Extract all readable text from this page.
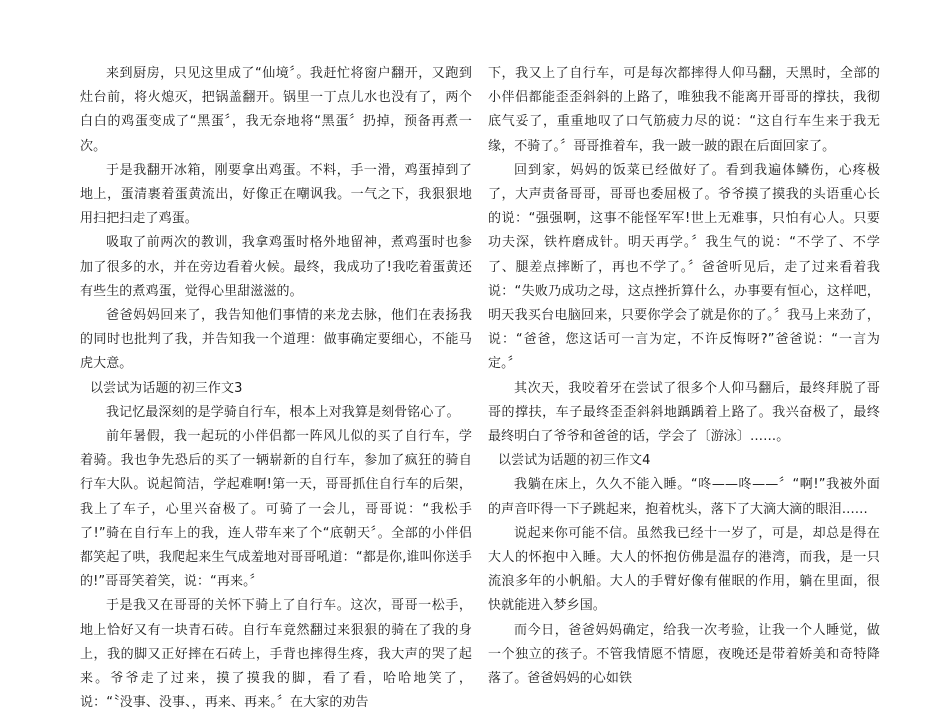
来到厨房，只见这里成了“仙境〞。我赶忙将窗户翻开，又跑到灶台前，将火熄灭，把锅盖翻开。锅里一丁点儿水也没有了，两个白白的鸡蛋变成了“黑蛋〞，我无奈地将“黑蛋〞扔掉，预备再煮一次。

于是我翻开冰箱，刚要拿出鸡蛋。不料，手一滑，鸡蛋掉到了地上，蛋清裹着蛋黄流出，好像正在嘲讽我。一气之下，我狠狠地用扫把扫走了鸡蛋。

吸取了前两次的教训，我拿鸡蛋时格外地留神，煮鸡蛋时也参加了很多的水，并在旁边看着火候。最终，我成功了!我吃着蛋黄还有些生的煮鸡蛋，觉得心里甜滋滋的。

爸爸妈妈回来了，我告知他们事情的来龙去脉，他们在表扬我的同时也批判了我，并告知我一个道理：做事确定要细心，不能马虎大意。

以尝试为话题的初三作文3

我记忆最深刻的是学骑自行车，根本上对我算是刻骨铭心了。

前年暑假，我一起玩的小伴侣都一阵风儿似的买了自行车，学着骑。我也争先恐后的买了一辆崭新的自行车，参加了疯狂的骑自行车大队。说起简洁，学起难啊!第一天，哥哥抓住自行车的后架，我上了车子，心里兴奋极了。可骑了一会儿，哥哥说：“我松手了!”骑在自行车上的我，连人带车来了个“底朝天〞。全部的小伴侣都笑起了哄，我爬起来生气成羞地对哥哥吼道：“都是你,谁叫你送手的!”哥哥笑着笑，说：“再来。〞

于是我又在哥哥的关怀下骑上了自行车。这次，哥哥一松手，地上恰好又有一块青石砖。自行车竟然翻过来狠狠的骑在了我的身上，我的脚又正好摔在石砖上，手背也摔得生疼，我大声的哭了起来。爷爷走了过来，摸了摸我的脚，看了看，哈哈地笑了，说：“〝没事、没事、，再来、再来。〞在大家的劝告

下，我又上了自行车，可是每次都摔得人仰马翻，天黑时，全部的小伴侣都能歪歪斜斜的上路了，唯独我不能离开哥哥的撑扶，我彻底气妥了，重重地叹了口气筋疲力尽的说：“这自行车生来于我无缘，不骑了。〞哥哥推着车，我一跛一跛的跟在后面回家了。

回到家，妈妈的饭菜已经做好了。看到我遍体鳞伤，心疼极了，大声责备哥哥，哥哥也委屈极了。爷爷摸了摸我的头语重心长的说：“强强啊，这事不能怪军军!世上无难事，只怕有心人。只要功夫深，铁杵磨成针。明天再学。〞我生气的说：“不学了、不学了、腿差点摔断了，再也不学了。〞爸爸听见后，走了过来看着我说：“失败乃成功之母，这点挫折算什么，办事要有恒心，这样吧，明天我买台电脑回来，只要你学会了就是你的了。〞我马上来劲了，说：“爸爸，您这话可一言为定，不许反悔呀?”爸爸说：“一言为定。〞

其次天，我咬着牙在尝试了很多个人仰马翻后，最终拜脱了哥哥的撑扶，车子最终歪歪斜斜地踽踽着上路了。我兴奋极了，最终最终明白了爷爷和爸爸的话，学会了〔游泳〕……。

以尝试为话题的初三作文4

我躺在床上，久久不能入睡。“咚——咚——〞“啊!”我被外面的声音吓得一下子跳起来，抱着枕头，落下了大滴大滴的眼泪……

说起来你可能不信。虽然我已经十一岁了，可是，却总是得在大人的怀抱中入睡。大人的怀抱仿佛是温存的港湾，而我，是一只流浪多年的小帆船。大人的手臂好像有催眠的作用，躺在里面，很快就能进入梦乡国。

而今日，爸爸妈妈确定，给我一次考验，让我一个人睡觉，做一个独立的孩子。不管我情愿不情愿，夜晚还是带着娇美和奇特降落了。爸爸妈妈的心如铁
